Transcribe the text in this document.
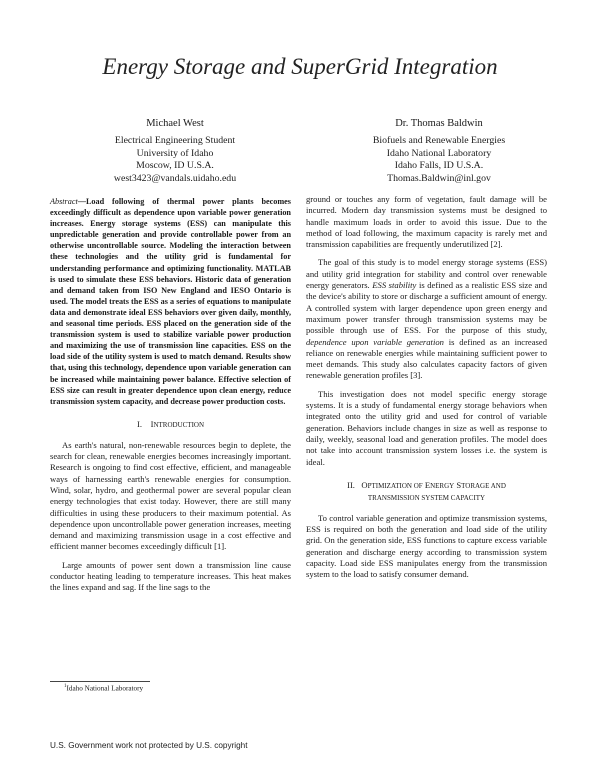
Energy Storage and SuperGrid Integration
Michael West
Electrical Engineering Student
University of Idaho
Moscow, ID U.S.A.
west3423@vandals.uidaho.edu
Dr. Thomas Baldwin
Biofuels and Renewable Energies
Idaho National Laboratory
Idaho Falls, ID U.S.A.
Thomas.Baldwin@inl.gov

Abstract—Load following of thermal power plants becomes exceedingly difficult as dependence upon variable power generation increases. Energy storage systems (ESS) can manipulate this unpredictable generation and provide controllable power from an otherwise uncontrollable source. Modeling the interaction between these technologies and the utility grid is fundamental for understanding performance and optimizing functionality. MATLAB is used to simulate these ESS behaviors. Historic data of generation and demand taken from ISO New England and IESO Ontario is used. The model treats the ESS as a series of equations to manipulate data and demonstrate ideal ESS behaviors over given daily, monthly, and seasonal time periods. ESS placed on the generation side of the transmission system is used to stabilize variable power production and maximizing the use of transmission line capacities. ESS on the load side of the utility system is used to match demand. Results show that, using this technology, dependence upon variable generation can be increased while maintaining power balance. Effective selection of ESS size can result in greater dependence upon clean energy, reduce transmission system capacity, and decrease power production costs.

I. INTRODUCTION

As earth's natural, non-renewable resources begin to deplete, the search for clean, renewable energies becomes increasingly important. Research is ongoing to find cost effective, efficient, and manageable ways of harnessing earth's renewable energies for consumption. Wind, solar, hydro, and geothermal power are several popular clean energy technologies that exist today. However, there are still many difficulties in using these producers to their maximum potential. As dependence upon uncontrollable power generation increases, meeting demand and maximizing transmission usage in a cost effective and efficient manner becomes exceedingly difficult [1].

Large amounts of power sent down a transmission line cause conductor heating leading to temperature increases. This heat makes the lines expand and sag. If the line sags to the

ground or touches any form of vegetation, fault damage will be incurred. Modern day transmission systems must be designed to handle maximum loads in order to avoid this issue. Due to the method of load following, the maximum capacity is rarely met and transmission capabilities are frequently underutilized [2].

The goal of this study is to model energy storage systems (ESS) and utility grid integration for stability and control over renewable energy generators. ESS stability is defined as a realistic ESS size and the device's ability to store or discharge a sufficient amount of energy. A controlled system with larger dependence upon green energy and maximum power transfer through transmission systems may be possible through use of ESS. For the purpose of this study, dependence upon variable generation is defined as an increased reliance on renewable energies while maintaining sufficient power to meet demands. This study also calculates capacity factors of given renewable generation profiles [3].

This investigation does not model specific energy storage systems. It is a study of fundamental energy storage behaviors when integrated onto the utility grid and used for control of variable generation. Behaviors include changes in size as well as response to daily, weekly, seasonal load and generation profiles. The model does not take into account transmission system losses i.e. the system is ideal.

II. OPTIMIZATION OF ENERGY STORAGE AND
TRANSMISSION SYSTEM CAPACITY

To control variable generation and optimize transmission systems, ESS is required on both the generation and load side of the utility grid. On the generation side, ESS functions to capture excess variable generation and discharge energy according to transmission system capacity. Load side ESS manipulates energy from the transmission system to the load to satisfy consumer demand.

$^1$Idaho National Laboratory
U.S. Government work not protected by U.S. copyright
